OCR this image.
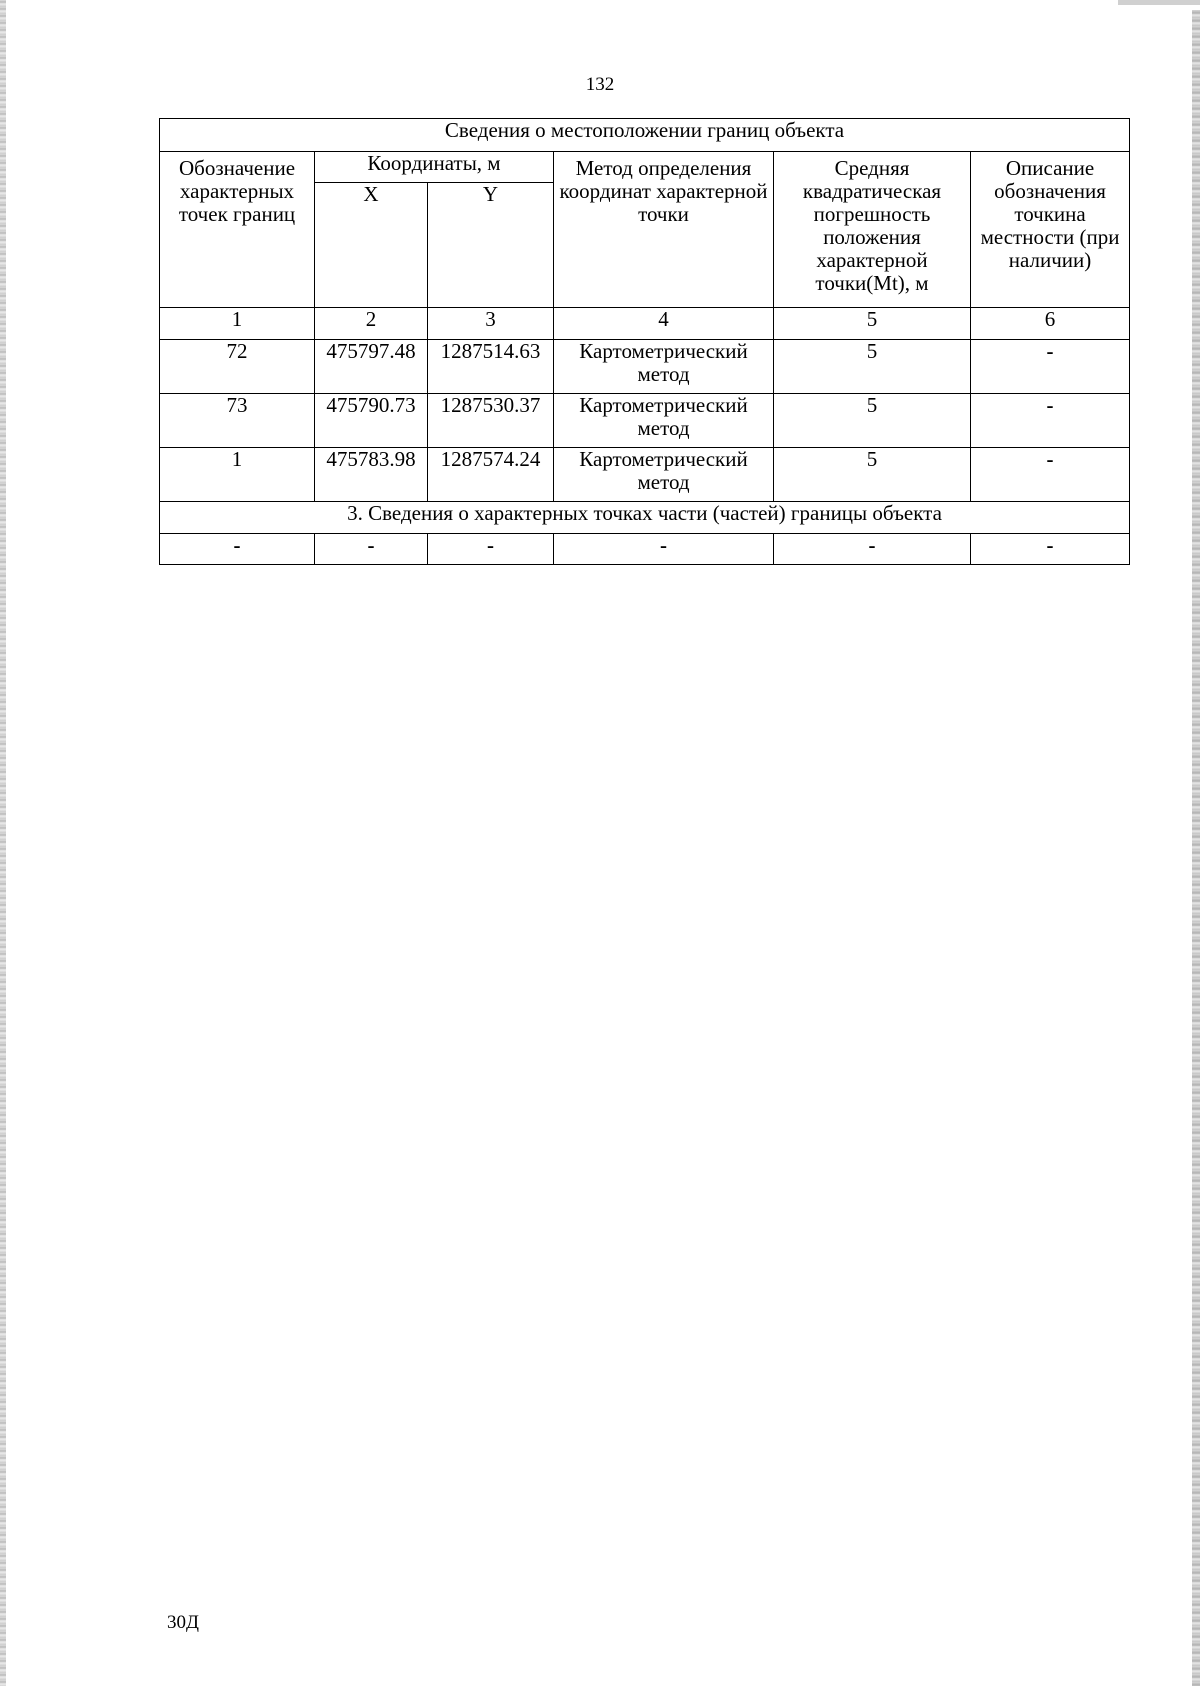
132
Сведения о местоположении границ объекта					
Обозначение характерных точек границ	Координаты, м		Метод определения координат характерной точки	Средняя квадратическая погрешность положения характерной точки(Mt), м	Описание обозначения точкина местности (при наличии)
	X	Y			
1	2	3	4	5	6
72	475797.48	1287514.63	Картометрический метод	5	-
73	475790.73	1287530.37	Картометрический метод	5	-
1	475783.98	1287574.24	Картометрический метод	5	-
3. Сведения о характерных точках части (частей) границы объекта					
-	-	-	-	-	-
30Д
